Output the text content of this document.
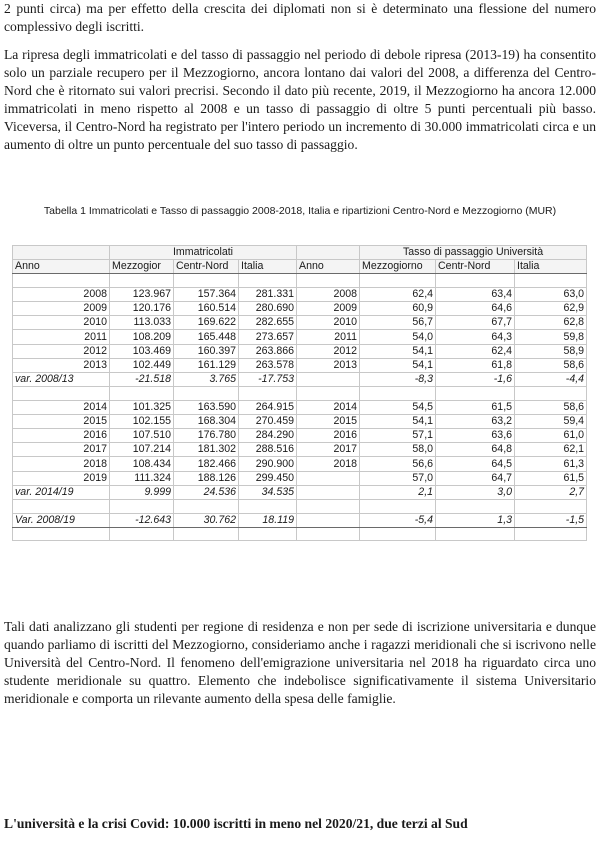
2 punti circa) ma per effetto della crescita dei diplomati non si è determinato una flessione del numero complessivo degli iscritti.

La ripresa degli immatricolati e del tasso di passaggio nel periodo di debole ripresa (2013-19) ha consentito solo un parziale recupero per il Mezzogiorno, ancora lontano dai valori del 2008, a differenza del Centro-Nord che è ritornato sui valori precrisi. Secondo il dato più recente, 2019, il Mezzogiorno ha ancora 12.000 immatricolati in meno rispetto al 2008 e un tasso di passaggio di oltre 5 punti percentuali più basso. Viceversa, il Centro-Nord ha registrato per l'intero periodo un incremento di 30.000 immatricolati circa e un aumento di oltre un punto percentuale del suo tasso di passaggio.

Tabella 1 Immatricolati e Tasso di passaggio 2008-2018, Italia e ripartizioni Centro-Nord e Mezzogiorno (MUR)

	Immatricolati				Tasso di passaggio Università		
Anno	Mezzogior	Centr-Nord	Italia	Anno	Mezzogiorno	Centr-Nord	Italia

2008	123.967	157.364	281.331	2008	62,4	63,4	63,0
2009	120.176	160.514	280.690	2009	60,9	64,6	62,9
2010	113.033	169.622	282.655	2010	56,7	67,7	62,8
2011	108.209	165.448	273.657	2011	54,0	64,3	59,8
2012	103.469	160.397	263.866	2012	54,1	62,4	58,9
2013	102.449	161.129	263.578	2013	54,1	61,8	58,6
var. 2008/13	-21.518	3.765	-17.753		-8,3	-1,6	-4,4

2014	101.325	163.590	264.915	2014	54,5	61,5	58,6
2015	102.155	168.304	270.459	2015	54,1	63,2	59,4
2016	107.510	176.780	284.290	2016	57,1	63,6	61,0
2017	107.214	181.302	288.516	2017	58,0	64,8	62,1
2018	108.434	182.466	290.900	2018	56,6	64,5	61,3
2019	111.324	188.126	299.450		57,0	64,7	61,5
var. 2014/19	9.999	24.536	34.535		2,1	3,0	2,7

Var. 2008/19	-12.643	30.762	18.119		-5,4	1,3	-1,5

Tali dati analizzano gli studenti per regione di residenza e non per sede di iscrizione universitaria e dunque quando parliamo di iscritti del Mezzogiorno, consideriamo anche i ragazzi meridionali che si iscrivono nelle Università del Centro-Nord. Il fenomeno dell'emigrazione universitaria nel 2018 ha riguardato circa uno studente meridionale su quattro. Elemento che indebolisce significativamente il sistema Universitario meridionale e comporta un rilevante aumento della spesa delle famiglie.

L'università e la crisi Covid: 10.000 iscritti in meno nel 2020/21, due terzi al Sud
